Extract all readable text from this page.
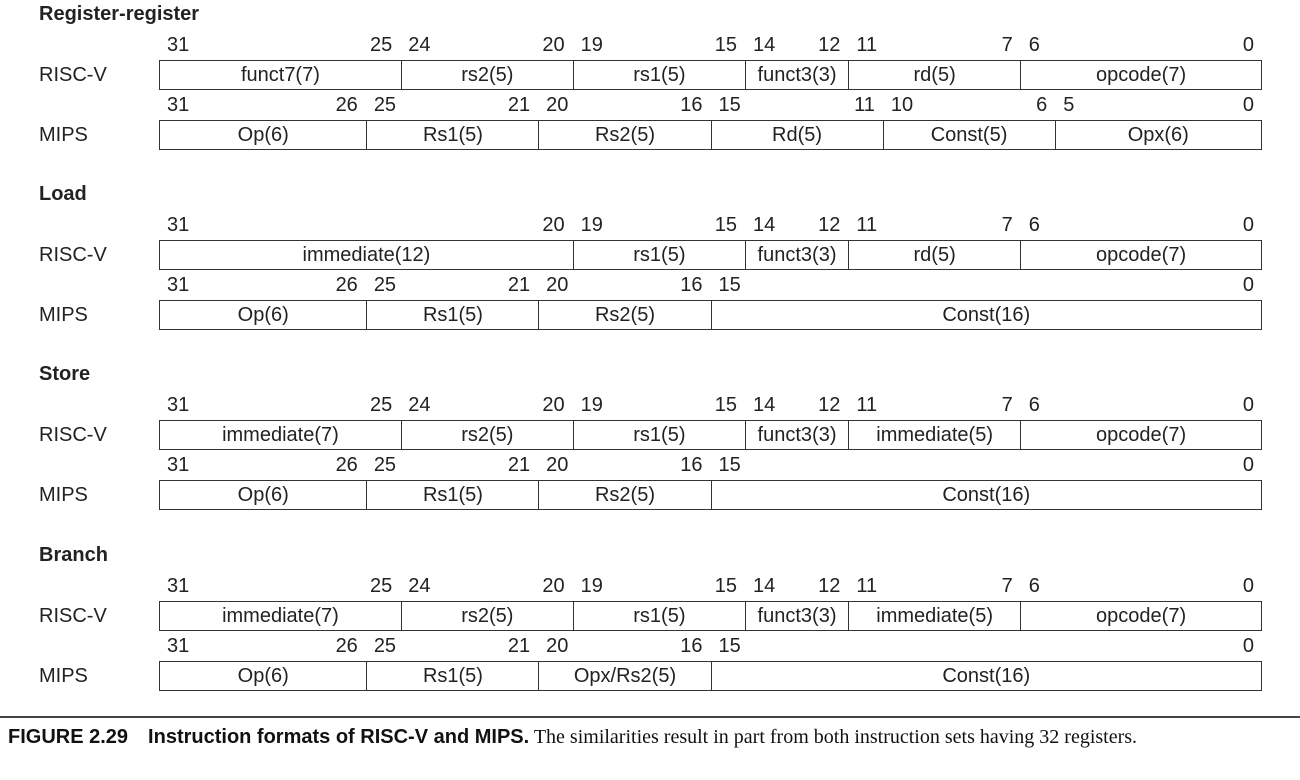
Register-register
31	25 24	20 19	15 14 12 11	7 6	0
RISC-V	funct7(7)	rs2(5)	rs1(5)	funct3(3)	rd(5)	opcode(7)
31	26 25	21 20	16 15	11 10	6 5	0
MIPS	Op(6)	Rs1(5)	Rs2(5)	Rd(5)	Const(5)	Opx(6)
Load
31	20 19	15 14 12 11	7 6	0
RISC-V	immediate(12)	rs1(5)	funct3(3)	rd(5)	opcode(7)
31	26 25	21 20	16 15	0
MIPS	Op(6)	Rs1(5)	Rs2(5)	Const(16)
Store
31	25 24	20 19	15 14 12 11	7 6	0
RISC-V	immediate(7)	rs2(5)	rs1(5)	funct3(3)	immediate(5)	opcode(7)
31	26 25	21 20	16 15	0
MIPS	Op(6)	Rs1(5)	Rs2(5)	Const(16)
Branch
31	25 24	20 19	15 14 12 11	7 6	0
RISC-V	immediate(7)	rs2(5)	rs1(5)	funct3(3)	immediate(5)	opcode(7)
31	26 25	21 20	16 15	0
MIPS	Op(6)	Rs1(5)	Opx/Rs2(5)	Const(16)
FIGURE 2.29 Instruction formats of RISC-V and MIPS. The similarities result in part from both instruction sets having 32 registers.
